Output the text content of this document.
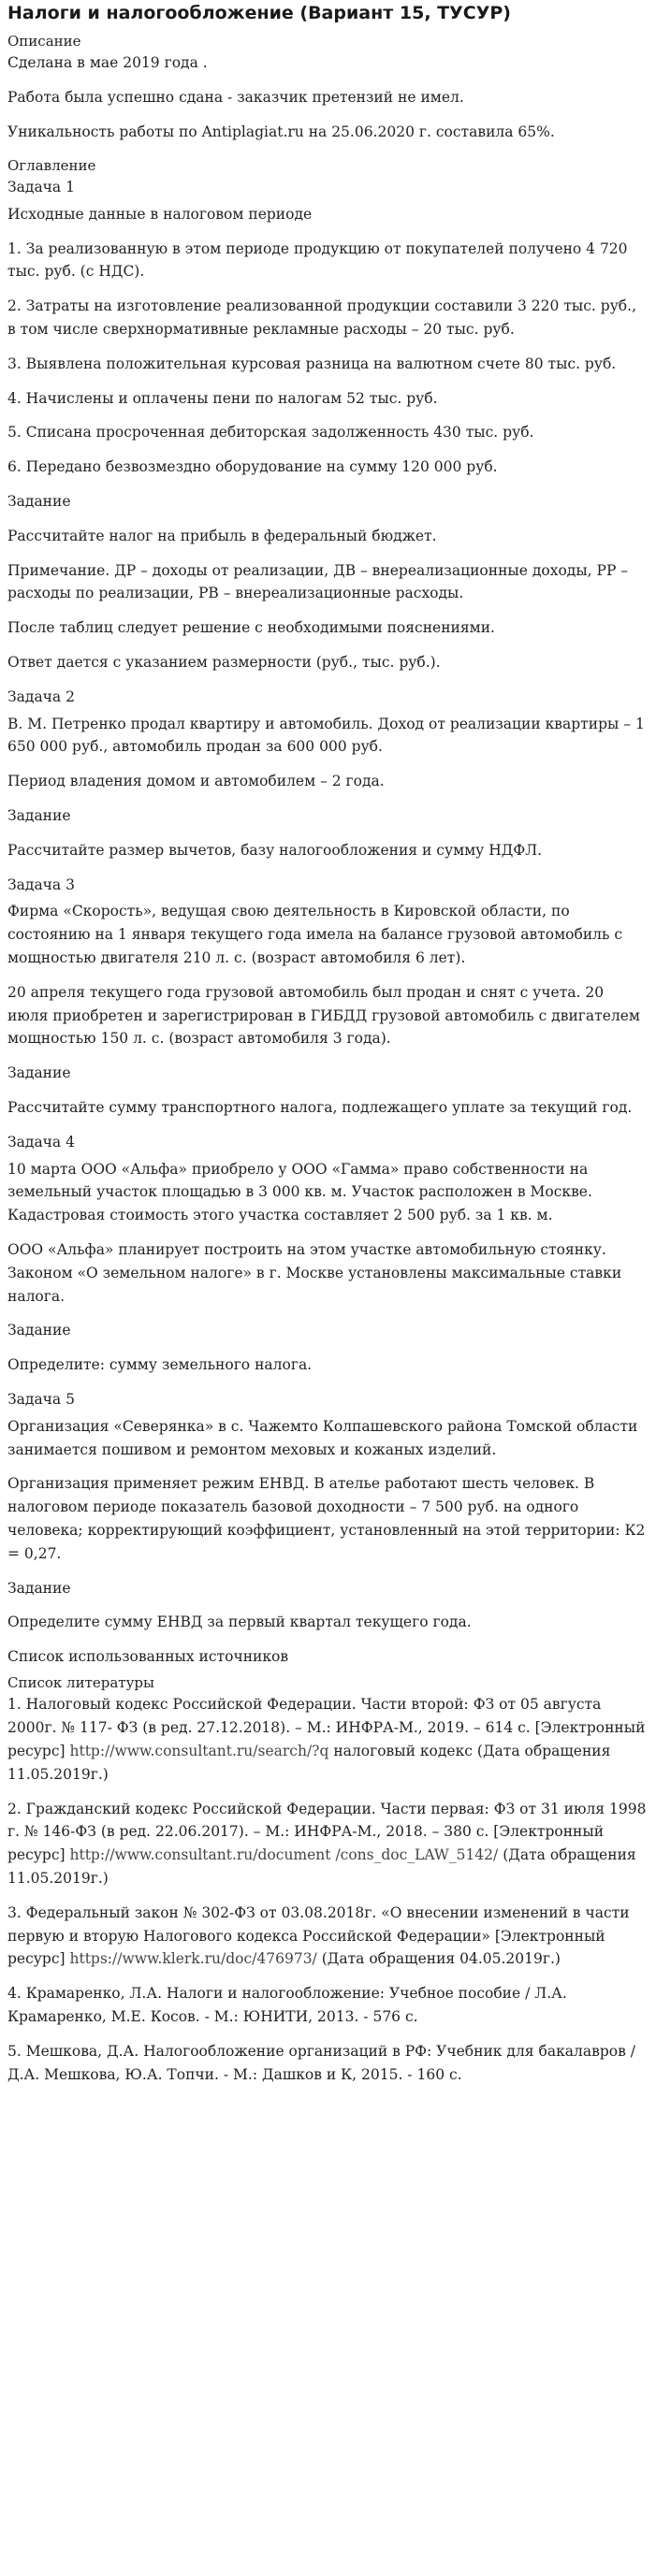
Налоги и налогообложение (Вариант 15, ТУСУР)
Описание

Сделана в мае 2019 года .

Работа была успешно сдана - заказчик претензий не имел.

Уникальность работы по Antiplagiat.ru на 25.06.2020 г. составила 65%.

Оглавление

Задача 1

Исходные данные в налоговом периоде

1. За реализованную в этом периоде продукцию от покупателей получено 4 720 тыс. руб. (с НДС).

2. Затраты на изготовление реализованной продукции составили 3 220 тыс. руб., в том числе сверхнормативные рекламные расходы – 20 тыс. руб.

3. Выявлена положительная курсовая разница на валютном счете 80 тыс. руб.

4. Начислены и оплачены пени по налогам 52 тыс. руб.

5. Списана просроченная дебиторская задолженность 430 тыс. руб.

6. Передано безвозмездно оборудование на сумму 120 000 руб.

Задание

Рассчитайте налог на прибыль в федеральный бюджет.

Примечание. ДР – доходы от реализации, ДВ – внереализационные доходы, РР – расходы по реализации, РВ – внереализационные расходы.

После таблиц следует решение с необходимыми пояснениями.

Ответ дается с указанием размерности (руб., тыс. руб.).

Задача 2

В. М. Петренко продал квартиру и автомобиль. Доход от реализации квартиры – 1 650 000 руб., автомобиль продан за 600 000 руб.

Период владения домом и автомобилем – 2 года.

Задание

Рассчитайте размер вычетов, базу налогообложения и сумму НДФЛ.

Задача 3

Фирма «Скорость», ведущая свою деятельность в Кировской области, по состоянию на 1 января текущего года имела на балансе грузовой автомобиль с мощностью двигателя 210 л. с. (возраст автомобиля 6 лет).

20 апреля текущего года грузовой автомобиль был продан и снят с учета. 20 июля приобретен и зарегистрирован в ГИБДД грузовой автомобиль с двигателем мощностью 150 л. с. (возраст автомобиля 3 года).

Задание

Рассчитайте сумму транспортного налога, подлежащего уплате за текущий год.

Задача 4

10 марта ООО «Альфа» приобрело у ООО «Гамма» право собственности на земельный участок площадью в 3 000 кв. м. Участок расположен в Москве. Кадастровая стоимость этого участка составляет 2 500 руб. за 1 кв. м.

ООО «Альфа» планирует построить на этом участке автомобильную стоянку. Законом «О земельном налоге» в г. Москве установлены максимальные ставки налога.

Задание

Определите: сумму земельного налога.

Задача 5

Организация «Северянка» в с. Чажемто Колпашевского района Томской области занимается пошивом и ремонтом меховых и кожаных изделий.

Организация применяет режим ЕНВД. В ателье работают шесть человек. В налоговом периоде показатель базовой доходности – 7 500 руб. на одного человека; корректирующий коэффициент, установленный на этой территории: К2 = 0,27.

Задание

Определите сумму ЕНВД за первый квартал текущего года.

Список использованных источников

Список литературы

1. Налоговый кодекс Российской Федерации. Части второй: ФЗ от 05 августа 2000г. № 117- ФЗ (в ред. 27.12.2018). – М.: ИНФРА-М., 2019. – 614 с. [Электронный ресурс] http://www.consultant.ru/search/?q налоговый кодекс (Дата обращения 11.05.2019г.)

2. Гражданский кодекс Российской Федерации. Части первая: ФЗ от 31 июля 1998 г. № 146-ФЗ (в ред. 22.06.2017). – М.: ИНФРА-М., 2018. – 380 с. [Электронный ресурс] http://www.consultant.ru/document /cons_doc_LAW_5142/ (Дата обращения 11.05.2019г.)

3. Федеральный закон № 302-ФЗ от 03.08.2018г. «О внесении изменений в части первую и вторую Налогового кодекса Российской Федерации» [Электронный ресурс] https://www.klerk.ru/doc/476973/ (Дата обращения 04.05.2019г.)

4. Крамаренко, Л.А. Налоги и налогообложение: Учебное пособие / Л.А. Крамаренко, М.Е. Косов. - М.: ЮНИТИ, 2013. - 576 с.

5. Мешкова, Д.А. Налогообложение организаций в РФ: Учебник для бакалавров / Д.А. Мешкова, Ю.А. Топчи. - М.: Дашков и К, 2015. - 160 с.
